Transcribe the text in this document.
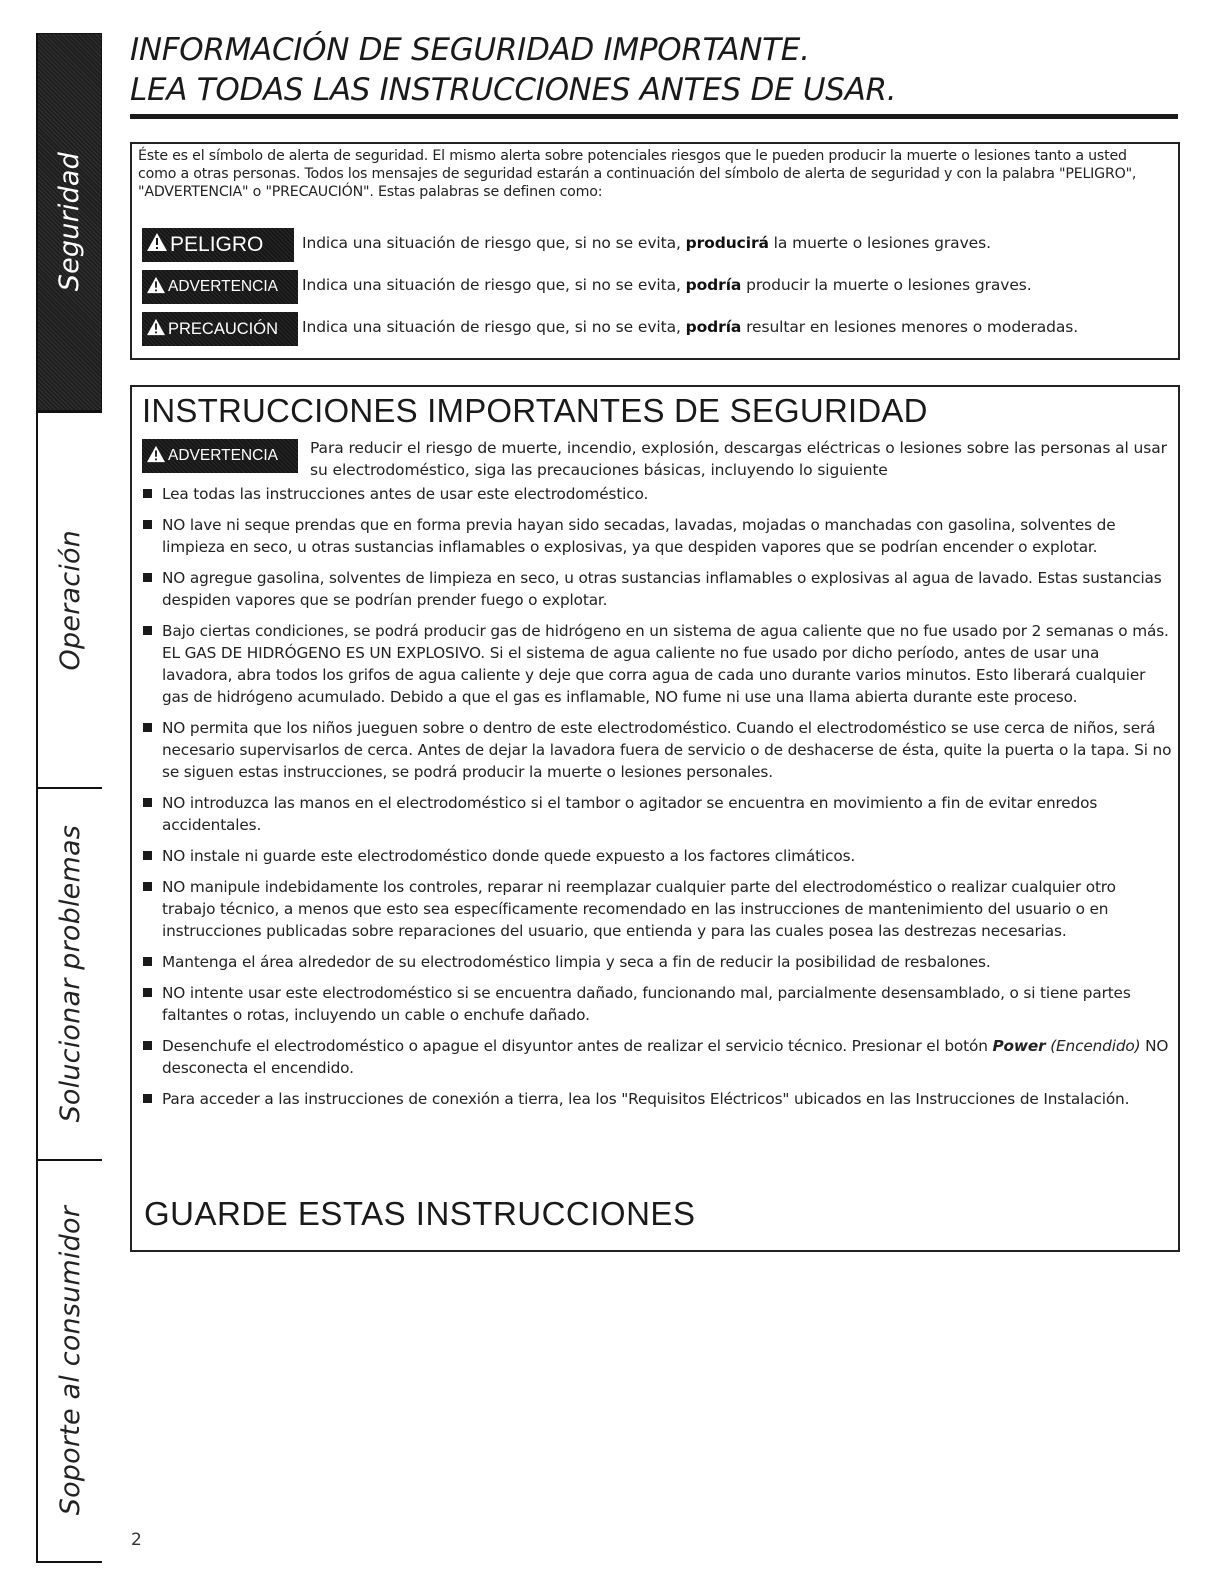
Seguridad
Operación
Solucionar problemas
Soporte al consumidor
INFORMACIÓN DE SEGURIDAD IMPORTANTE.
LEA TODAS LAS INSTRUCCIONES ANTES DE USAR.
Éste es el símbolo de alerta de seguridad. El mismo alerta sobre potenciales riesgos que le pueden producir la muerte o lesiones tanto a usted como a otras personas. Todos los mensajes de seguridad estarán a continuación del símbolo de alerta de seguridad y con la palabra "PELIGRO", "ADVERTENCIA" o "PRECAUCIÓN". Estas palabras se definen como:
PELIGRO Indica una situación de riesgo que, si no se evita, producirá la muerte o lesiones graves.
ADVERTENCIA Indica una situación de riesgo que, si no se evita, podría producir la muerte o lesiones graves.
PRECAUCIÓN Indica una situación de riesgo que, si no se evita, podría resultar en lesiones menores o moderadas.
INSTRUCCIONES IMPORTANTES DE SEGURIDAD
ADVERTENCIA Para reducir el riesgo de muerte, incendio, explosión, descargas eléctricas o lesiones sobre las personas al usar su electrodoméstico, siga las precauciones básicas, incluyendo lo siguiente
Lea todas las instrucciones antes de usar este electrodoméstico.
NO lave ni seque prendas que en forma previa hayan sido secadas, lavadas, mojadas o manchadas con gasolina, solventes de limpieza en seco, u otras sustancias inflamables o explosivas, ya que despiden vapores que se podrían encender o explotar.
NO agregue gasolina, solventes de limpieza en seco, u otras sustancias inflamables o explosivas al agua de lavado. Estas sustancias despiden vapores que se podrían prender fuego o explotar.
Bajo ciertas condiciones, se podrá producir gas de hidrógeno en un sistema de agua caliente que no fue usado por 2 semanas o más. EL GAS DE HIDRÓGENO ES UN EXPLOSIVO. Si el sistema de agua caliente no fue usado por dicho período, antes de usar una lavadora, abra todos los grifos de agua caliente y deje que corra agua de cada uno durante varios minutos. Esto liberará cualquier gas de hidrógeno acumulado. Debido a que el gas es inflamable, NO fume ni use una llama abierta durante este proceso.
NO permita que los niños jueguen sobre o dentro de este electrodoméstico. Cuando el electrodoméstico se use cerca de niños, será necesario supervisarlos de cerca. Antes de dejar la lavadora fuera de servicio o de deshacerse de ésta, quite la puerta o la tapa. Si no se siguen estas instrucciones, se podrá producir la muerte o lesiones personales.
NO introduzca las manos en el electrodoméstico si el tambor o agitador se encuentra en movimiento a fin de evitar enredos accidentales.
NO instale ni guarde este electrodoméstico donde quede expuesto a los factores climáticos.
NO manipule indebidamente los controles, reparar ni reemplazar cualquier parte del electrodoméstico o realizar cualquier otro trabajo técnico, a menos que esto sea específicamente recomendado en las instrucciones de mantenimiento del usuario o en instrucciones publicadas sobre reparaciones del usuario, que entienda y para las cuales posea las destrezas necesarias.
Mantenga el área alrededor de su electrodoméstico limpia y seca a fin de reducir la posibilidad de resbalones.
NO intente usar este electrodoméstico si se encuentra dañado, funcionando mal, parcialmente desensamblado, o si tiene partes faltantes o rotas, incluyendo un cable o enchufe dañado.
Desenchufe el electrodoméstico o apague el disyuntor antes de realizar el servicio técnico. Presionar el botón Power (Encendido) NO desconecta el encendido.
Para acceder a las instrucciones de conexión a tierra, lea los "Requisitos Eléctricos" ubicados en las Instrucciones de Instalación.
GUARDE ESTAS INSTRUCCIONES
2
